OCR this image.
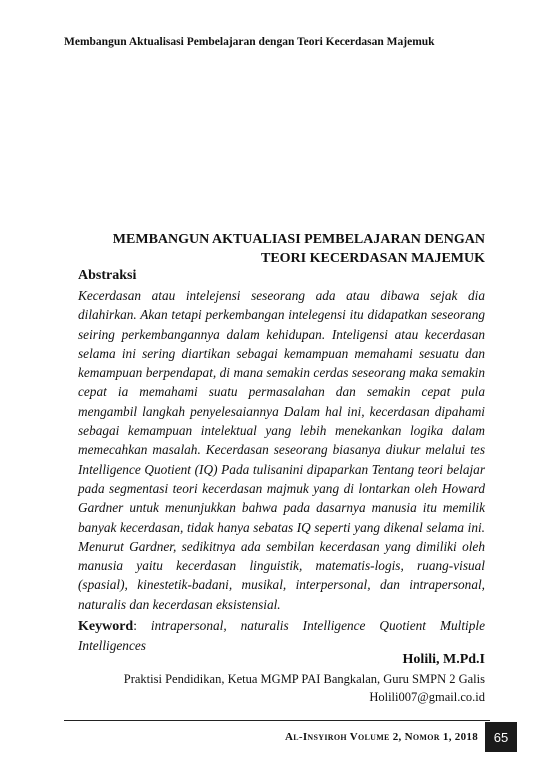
Membangun Aktualisasi Pembelajaran dengan Teori Kecerdasan Majemuk
MEMBANGUN AKTUALIASI PEMBELAJARAN DENGAN
TEORI KECERDASAN MAJEMUK
Abstraksi
Kecerdasan atau intelejensi seseorang ada atau dibawa sejak dia dilahirkan. Akan tetapi perkembangan intelegensi itu didapatkan seseorang seiring perkembangannya dalam kehidupan. Inteligensi atau kecerdasan selama ini sering diartikan sebagai kemampuan memahami sesuatu dan kemampuan berpendapat, di mana semakin cerdas seseorang maka semakin cepat ia memahami suatu permasalahan dan semakin cepat pula mengambil langkah penyelesaiannya Dalam hal ini, kecerdasan dipahami sebagai kemampuan intelektual yang lebih menekankan logika dalam memecahkan masalah. Kecerdasan seseorang biasanya diukur melalui tes Intelligence Quotient (IQ) Pada tulisanini dipaparkan Tentang teori belajar pada segmentasi teori kecerdasan majmuk yang di lontarkan oleh Howard Gardner untuk menunjukkan bahwa pada dasarnya manusia itu memilik banyak kecerdasan, tidak hanya sebatas IQ seperti yang dikenal selama ini. Menurut Gardner, sedikitnya ada sembilan kecerdasan yang dimiliki oleh manusia yaitu kecerdasan linguistik, matematis-logis, ruang-visual (spasial), kinestetik-badani, musikal, interpersonal, dan intrapersonal, naturalis dan kecerdasan eksistensial.
Keyword: intrapersonal, naturalis Intelligence Quotient Multiple Intelligences
Holili, M.Pd.I
Praktisi Pendidikan, Ketua MGMP PAI Bangkalan, Guru SMPN 2 Galis
Holili007@gmail.co.id
Al-Insyiroh Volume 2, Nomor 1, 2018	65
